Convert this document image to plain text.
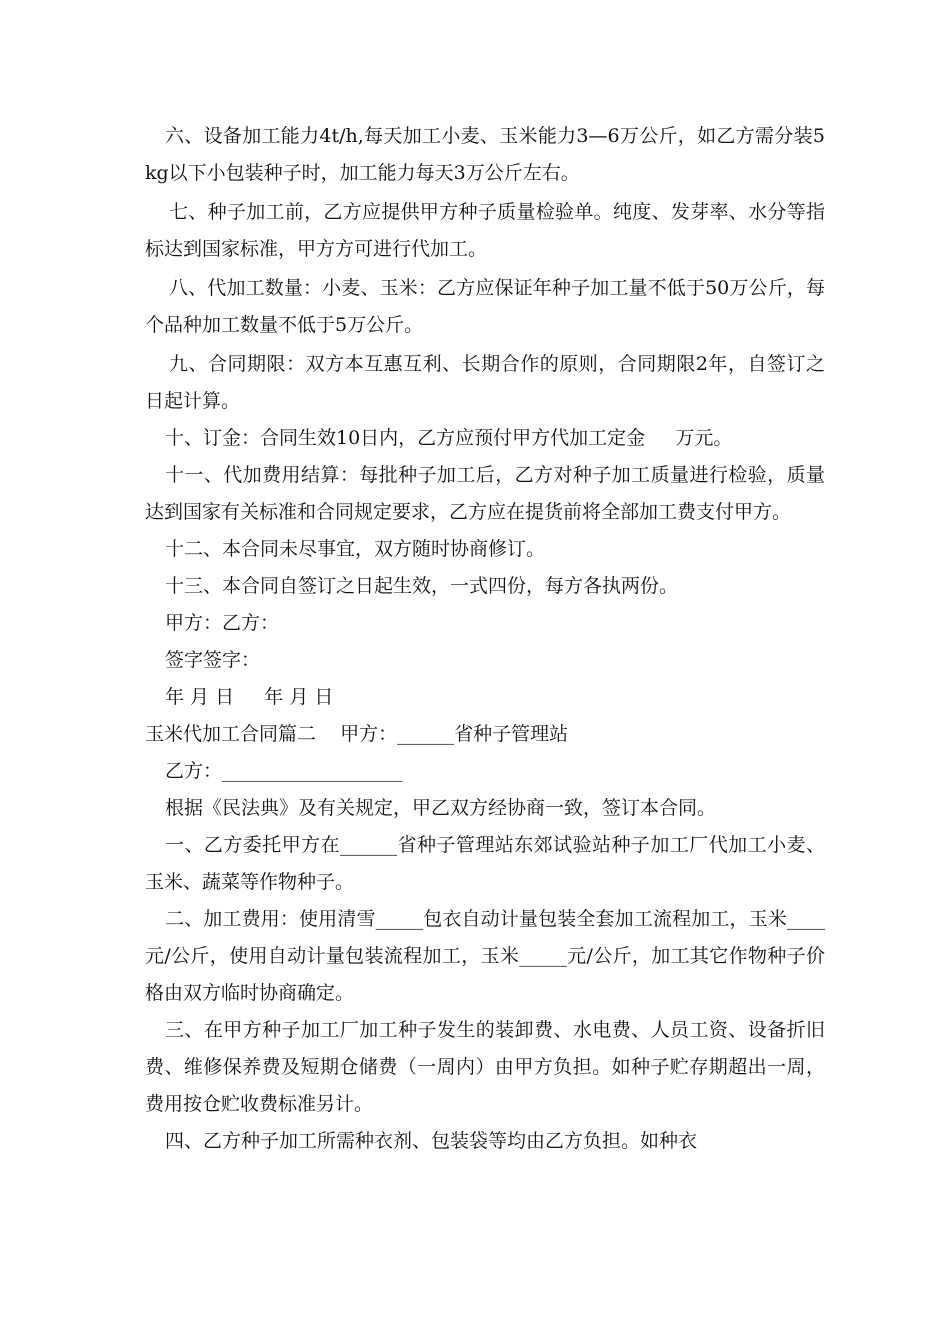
六、设备加工能力4t/h,每天加工小麦、玉米能力3—6万公斤，如乙方需分装5kg以下小包装种子时，加工能力每天3万公斤左右。

七、种子加工前，乙方应提供甲方种子质量检验单。纯度、发芽率、水分等指标达到国家标准，甲方方可进行代加工。

八、代加工数量：小麦、玉米：乙方应保证年种子加工量不低于50万公斤，每个品种加工数量不低于5万公斤。

九、合同期限：双方本互惠互利、长期合作的原则，合同期限2年，自签订之日起计算。

十、订金：合同生效10日内，乙方应预付甲方代加工定金     万元。

十一、代加费用结算：每批种子加工后，乙方对种子加工质量进行检验，质量达到国家有关标准和合同规定要求，乙方应在提货前将全部加工费支付甲方。

十二、本合同未尽事宜，双方随时协商修订。

十三、本合同自签订之日起生效，一式四份，每方各执两份。

甲方：乙方：

签字签字：

年 月 日     年 月 日

玉米代加工合同篇二    甲方：______省种子管理站

乙方：___________________

根据《民法典》及有关规定，甲乙双方经协商一致，签订本合同。

一、乙方委托甲方在______省种子管理站东郊试验站种子加工厂代加工小麦、玉米、蔬菜等作物种子。

二、加工费用：使用清雪_____包衣自动计量包装全套加工流程加工，玉米____元/公斤，使用自动计量包装流程加工，玉米_____元/公斤，加工其它作物种子价格由双方临时协商确定。

三、在甲方种子加工厂加工种子发生的装卸费、水电费、人员工资、设备折旧费、维修保养费及短期仓储费（一周内）由甲方负担。如种子贮存期超出一周，费用按仓贮收费标准另计。

四、乙方种子加工所需种衣剂、包装袋等均由乙方负担。如种衣
